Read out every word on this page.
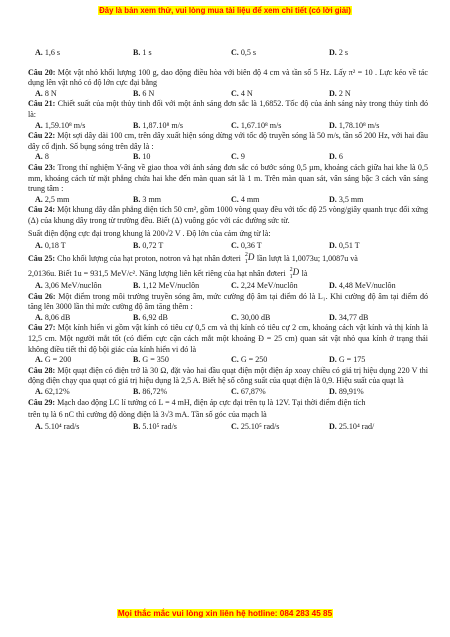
Đây là bản xem thử, vui lòng mua tài liệu để xem chi tiết (có lời giải)
A. 1,6 s	B. 1 s	C. 0,5 s	D. 2 s

Câu 20: Một vật nhỏ khối lượng 100 g, dao động điều hòa với biên độ 4 cm và tần số 5 Hz. Lấy π² = 10 . Lực kéo về tác dụng lên vật nhỏ có độ lớn cực đại bằng

A. 8 N	B. 6 N	C. 4 N	D. 2 N

Câu 21: Chiết suất của một thủy tinh đối với một ánh sáng đơn sắc là 1,6852. Tốc độ của ánh sáng này trong thủy tinh đó là:

A. 1,59.10⁸ m/s	B. 1,87.10⁸ m/s	C. 1,67.10⁸ m/s	D. 1,78.10⁸ m/s

Câu 22: Một sợi dây dài 100 cm, trên dây xuất hiện sóng dừng với tốc độ truyền sóng là 50 m/s, tần số 200 Hz, với hai đầu dây cố định. Số bụng sóng trên dây là :

A. 8	B. 10	C. 9	D. 6

Câu 23: Trong thí nghiệm Y-âng về giao thoa với ánh sáng đơn sắc có bước sóng 0,5 µm, khoảng cách giữa hai khe là 0,5 mm, khoảng cách từ mặt phẳng chứa hai khe đến màn quan sát là 1 m. Trên màn quan sát, vân sáng bậc 3 cách vân sáng trung tâm :

A. 2,5 mm	B. 3 mm	C. 4 mm	D. 3,5 mm

Câu 24: Một khung dây dẫn phẳng diện tích 50 cm², gồm 1000 vòng quay đều với tốc độ 25 vòng/giây quanh trục đối xứng (Δ) của khung dây trong từ trường đều. Biết (Δ) vuông góc với các đường sức từ.

Suất điện động cực đại trong khung là 200√2 V . Độ lớn của cảm ứng từ là:

A. 0,18 T	B. 0,72 T	C. 0,36 T	D. 0,51 T

Câu 25: Cho khối lượng của hạt proton, notron và hạt nhân đơteri 2
1 D lần lượt là 1,0073u; 1,0087u và

2,0136u. Biết 1u = 931,5 MeV/c². Năng lượng liên kết riêng của hạt nhân đơteri 2
1 D là

A. 3,06 MeV/nuclôn	B. 1,12 MeV/nuclôn	C. 2,24 MeV/nuclôn	D. 4,48 MeV/nuclôn

Câu 26: Một điểm trong môi trường truyền sóng âm, mức cường độ âm tại điểm đó là L₁. Khi cường độ âm tại điểm đó tăng lên 3000 lần thì mức cường độ âm tăng thêm :

A. 8,06 dB	B. 6,92 dB	C. 30,00 dB	D. 34,77 dB

Câu 27: Một kính hiển vi gồm vật kính có tiêu cự 0,5 cm và thị kính có tiêu cự 2 cm, khoảng cách vật kính và thị kính là 12,5 cm. Một người mắt tốt (có điểm cực cận cách mắt một khoảng Đ = 25 cm) quan sát vật nhỏ qua kính ở trạng thái không điều tiết thì độ bội giác của kính hiển vi đó là

A. G = 200	B. G = 350	C. G = 250	D. G = 175

Câu 28: Một quạt điện có điện trở là 30 Ω, đặt vào hai đầu quạt điện một điện áp xoay chiều có giá trị hiệu dụng 220 V thì động điện chạy qua quạt có giá trị hiệu dụng là 2,5 A. Biết hệ số công suất của quạt điện là 0,9. Hiệu suất của quạt là

A. 62,12%	B. 86,72%	C. 67,87%	D. 89,91%

Câu 29: Mạch dao động LC lí tưởng có L = 4 mH, điện áp cực đại trên tụ là 12V. Tại thời điểm điện tích

trên tụ là 6 nC thì cường độ dòng điện là 3√3 mA. Tần số góc của mạch là

A. 5.10⁴ rad/s	B. 5.10⁵ rad/s	C. 25.10⁵ rad/s	D. 25.10⁴ rad/
Mọi thắc mắc vui lòng xin liên hệ hotline: 084 283 45 85
